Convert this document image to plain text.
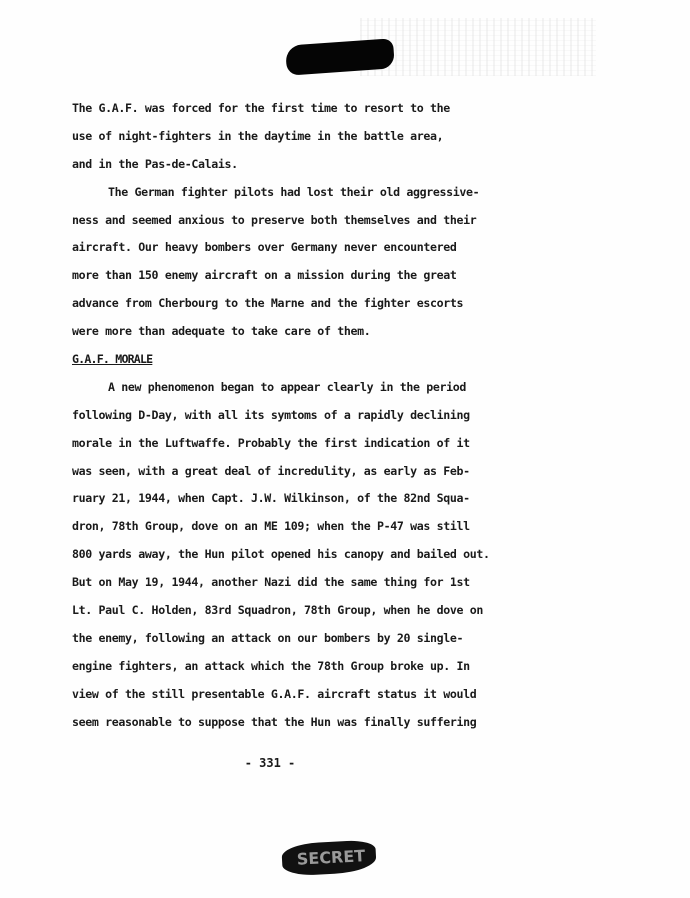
The G.A.F. was forced for the first time to resort to the
use of night-fighters in the daytime in the battle area,
and in the Pas-de-Calais.
The German fighter pilots had lost their old aggressive-
ness and seemed anxious to preserve both themselves and their
aircraft. Our heavy bombers over Germany never encountered
more than 150 enemy aircraft on a mission during the great
advance from Cherbourg to the Marne and the fighter escorts
were more than adequate to take care of them.
G.A.F. MORALE
A new phenomenon began to appear clearly in the period
following D-Day, with all its symtoms of a rapidly declining
morale in the Luftwaffe. Probably the first indication of it
was seen, with a great deal of incredulity, as early as Feb-
ruary 21, 1944, when Capt. J.W. Wilkinson, of the 82nd Squa-
dron, 78th Group, dove on an ME 109; when the P-47 was still
800 yards away, the Hun pilot opened his canopy and bailed out.
But on May 19, 1944, another Nazi did the same thing for 1st
Lt. Paul C. Holden, 83rd Squadron, 78th Group, when he dove on
the enemy, following an attack on our bombers by 20 single-
engine fighters, an attack which the 78th Group broke up. In
view of the still presentable G.A.F. aircraft status it would
seem reasonable to suppose that the Hun was finally suffering
- 331 -
SECRET
